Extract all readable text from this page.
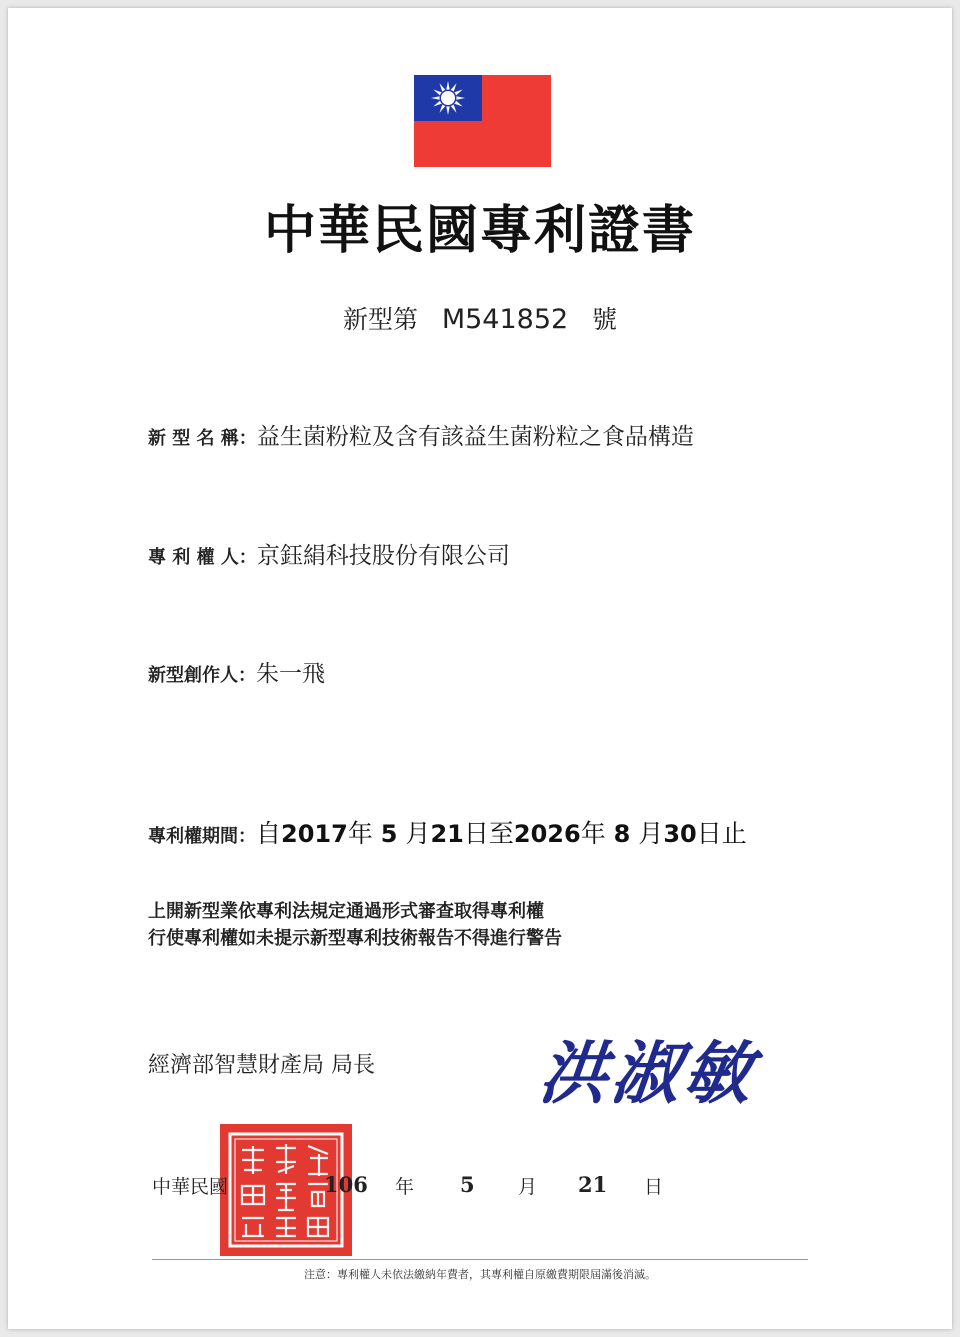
中華民國專利證書
新型第 M541852 號
新 型 名 稱： 益生菌粉粒及含有該益生菌粉粒之食品構造
專 利 權 人： 京鈺絹科技股份有限公司
新型創作人： 朱一飛
專利權期間： 自2017年 5 月21日至2026年 8 月30日止
上開新型業依專利法規定通過形式審查取得專利權
行使專利權如未提示新型專利技術報告不得進行警告
經濟部智慧財產局 局長 洪淑敏
中華民國	106 年 5 月 21 日
注意：專利權人未依法繳納年費者，其專利權自原繳費期限屆滿後消滅。
